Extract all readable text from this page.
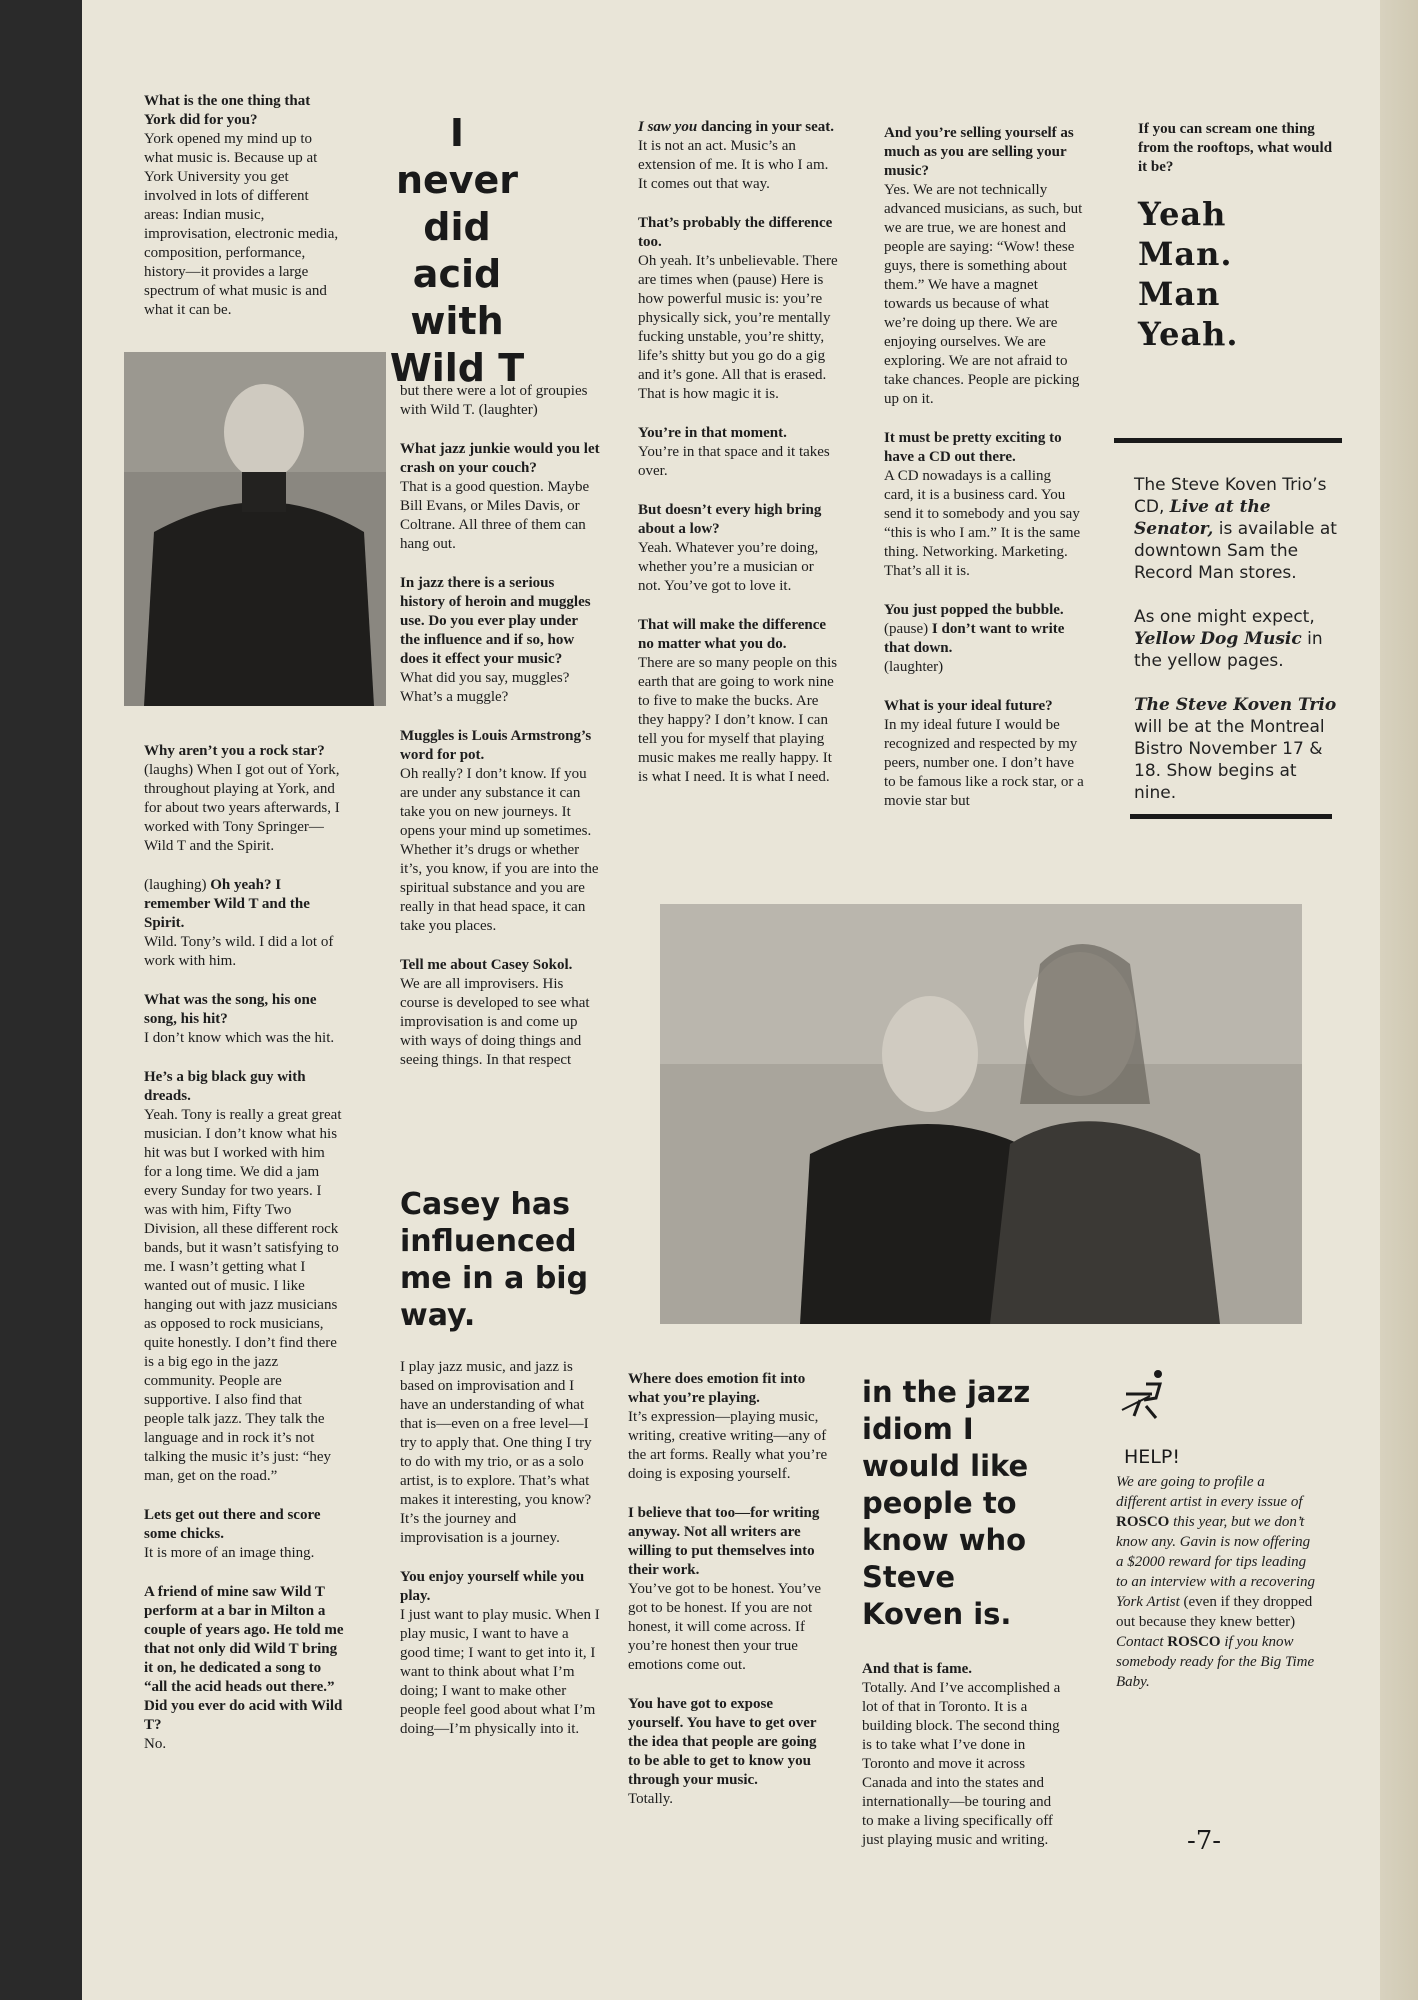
What is the one thing that York did for you?
York opened my mind up to what music is. Because up at York University you get involved in lots of different areas: Indian music, improvisation, electronic media, composition, performance, history—it provides a large spectrum of what music is and what it can be.

Why aren’t you a rock star?
(laughs) When I got out of York, throughout playing at York, and for about two years afterwards, I worked with Tony Springer—Wild T and the Spirit.

(laughing) Oh yeah? I remember Wild T and the Spirit.
Wild. Tony’s wild. I did a lot of work with him.

What was the song, his one song, his hit?
I don’t know which was the hit.

He’s a big black guy with dreads.
Yeah. Tony is really a great great musician. I don’t know what his hit was but I worked with him for a long time. We did a jam every Sunday for two years. I was with him, Fifty Two Division, all these different rock bands, but it wasn’t satisfying to me. I wasn’t getting what I wanted out of music. I like hanging out with jazz musicians as opposed to rock musicians, quite honestly. I don’t find there is a big ego in the jazz community. People are supportive. I also find that people talk jazz. They talk the language and in rock it’s not talking the music it’s just: “hey man, get on the road.”

Lets get out there and score some chicks.
It is more of an image thing.

A friend of mine saw Wild T perform at a bar in Milton a couple of years ago. He told me that not only did Wild T bring it on, he dedicated a song to “all the acid heads out there.” Did you ever do acid with Wild T?
No.

I
never
did acid
with
Wild T

but there were a lot of groupies with Wild T. (laughter)

What jazz junkie would you let crash on your couch?
That is a good question. Maybe Bill Evans, or Miles Davis, or Coltrane. All three of them can hang out.

In jazz there is a serious history of heroin and muggles use. Do you ever play under the influence and if so, how does it effect your music?
What did you say, muggles? What’s a muggle?

Muggles is Louis Armstrong’s word for pot.
Oh really? I don’t know. If you are under any substance it can take you on new journeys. It opens your mind up sometimes. Whether it’s drugs or whether it’s, you know, if you are into the spiritual substance and you are really in that head space, it can take you places.

Tell me about Casey Sokol.
We are all improvisers. His course is developed to see what improvisation is and come up with ways of doing things and seeing things. In that respect

Casey has
influenced
me in a big
way.

I play jazz music, and jazz is based on improvisation and I have an understanding of what that is—even on a free level—I try to apply that. One thing I try to do with my trio, or as a solo artist, is to explore. That’s what makes it interesting, you know? It’s the journey and improvisation is a journey.

You enjoy yourself while you play.
I just want to play music. When I play music, I want to have a good time; I want to get into it, I want to think about what I’m doing; I want to make other people feel good about what I’m doing—I’m physically into it.

I saw you dancing in your seat.
It is not an act. Music’s an extension of me. It is who I am. It comes out that way.

That’s probably the difference too.
Oh yeah. It’s unbelievable. There are times when (pause) Here is how powerful music is: you’re physically sick, you’re mentally fucking unstable, you’re shitty, life’s shitty but you go do a gig and it’s gone. All that is erased. That is how magic it is.

You’re in that moment.
You’re in that space and it takes over.

But doesn’t every high bring about a low?
Yeah. Whatever you’re doing, whether you’re a musician or not. You’ve got to love it.

That will make the difference no matter what you do.
There are so many people on this earth that are going to work nine to five to make the bucks. Are they happy? I don’t know. I can tell you for myself that playing music makes me really happy. It is what I need. It is what I need.

And you’re selling yourself as much as you are selling your music?
Yes. We are not technically advanced musicians, as such, but we are true, we are honest and people are saying: “Wow! these guys, there is something about them.” We have a magnet towards us because of what we’re doing up there. We are enjoying ourselves. We are exploring. We are not afraid to take chances. People are picking up on it.

It must be pretty exciting to have a CD out there.
A CD nowadays is a calling card, it is a business card. You send it to somebody and you say “this is who I am.” It is the same thing. Networking. Marketing. That’s all it is.

You just popped the bubble. (pause) I don’t want to write that down.
(laughter)

What is your ideal future?
In my ideal future I would be recognized and respected by my peers, number one. I don’t have to be famous like a rock star, or a movie star but

If you can scream one thing from the rooftops, what would it be?

Yeah
Man.
Man
Yeah.

The Steve Koven Trio’s CD, Live at the Senator, is available at downtown Sam the Record Man stores.

As one might expect, Yellow Dog Music in the yellow pages.

The Steve Koven Trio will be at the Montreal Bistro November 17 & 18. Show begins at nine.

Where does emotion fit into what you’re playing.
It’s expression—playing music, writing, creative writing—any of the art forms. Really what you’re doing is exposing yourself.

I believe that too—for writing anyway. Not all writers are willing to put themselves into their work.
You’ve got to be honest. You’ve got to be honest. If you are not honest, it will come across. If you’re honest then your true emotions come out.

You have got to expose yourself. You have to get over the idea that people are going to be able to get to know you through your music.
Totally.

in the jazz
idiom I
would like
people to
know who
Steve
Koven is.

And that is fame.
Totally. And I’ve accomplished a lot of that in Toronto. It is a building block. The second thing is to take what I’ve done in Toronto and move it across Canada and into the states and internationally—be touring and to make a living specifically off just playing music and writing.

HELP!

We are going to profile a different artist in every issue of ROSCO this year, but we don’t know any. Gavin is now offering a $2000 reward for tips leading to an interview with a recovering York Artist (even if they dropped out because they knew better) Contact ROSCO if you know somebody ready for the Big Time Baby.

-7-
